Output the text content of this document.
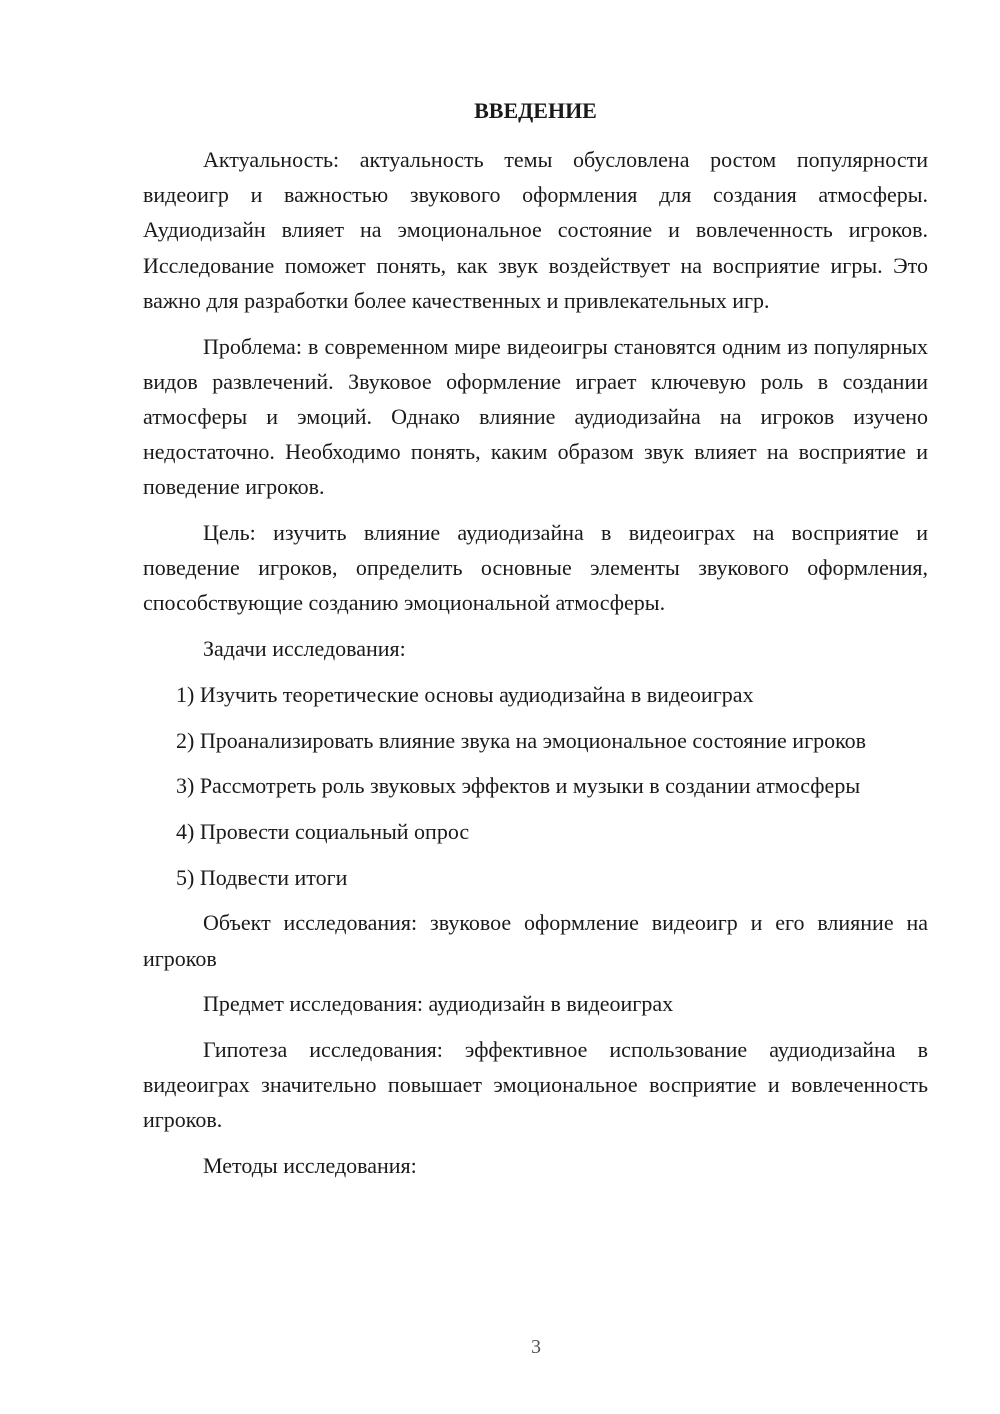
ВВЕДЕНИЕ

Актуальность: актуальность темы обусловлена ростом популярности видеоигр и важностью звукового оформления для создания атмосферы. Аудиодизайн влияет на эмоциональное состояние и вовлеченность игроков. Исследование поможет понять, как звук воздействует на восприятие игры. Это важно для разработки более качественных и привлекательных игр.

Проблема: в современном мире видеоигры становятся одним из популярных видов развлечений. Звуковое оформление играет ключевую роль в создании атмосферы и эмоций. Однако влияние аудиодизайна на игроков изучено недостаточно. Необходимо понять, каким образом звук влияет на восприятие и поведение игроков.

Цель: изучить влияние аудиодизайна в видеоиграх на восприятие и поведение игроков, определить основные элементы звукового оформления, способствующие созданию эмоциональной атмосферы.

Задачи исследования:

1) Изучить теоретические основы аудиодизайна в видеоиграх

2) Проанализировать влияние звука на эмоциональное состояние игроков

3) Рассмотреть роль звуковых эффектов и музыки в создании атмосферы

4) Провести социальный опрос

5) Подвести итоги

Объект исследования: звуковое оформление видеоигр и его влияние на игроков

Предмет исследования: аудиодизайн в видеоиграх

Гипотеза исследования: эффективное использование аудиодизайна в видеоиграх значительно повышает эмоциональное восприятие и вовлеченность игроков.

Методы исследования:

3
